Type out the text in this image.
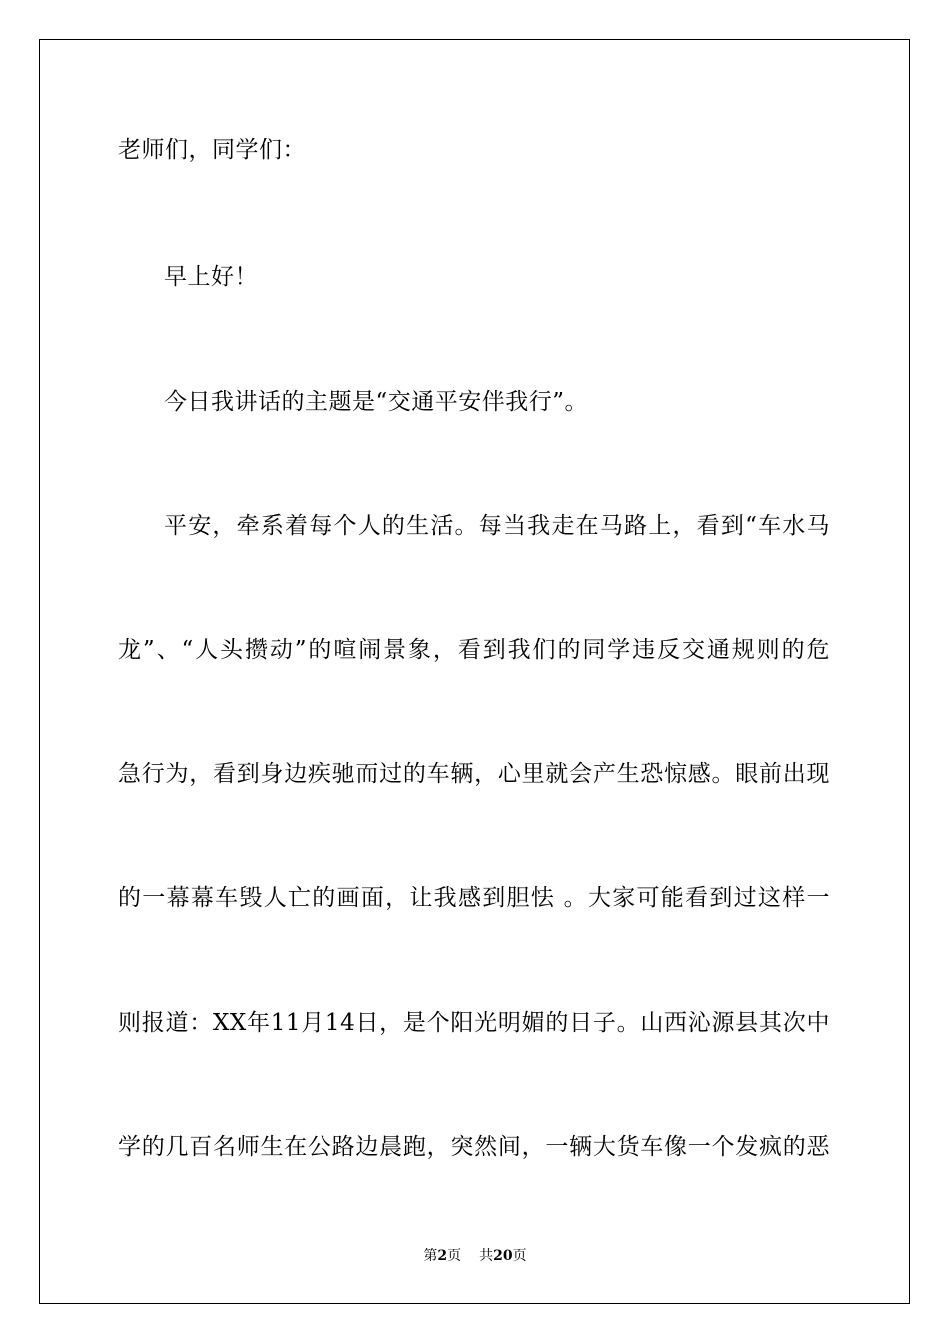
老师们，同学们：
早上好！
今日我讲话的主题是“交通平安伴我行”。
平安，牵系着每个人的生活。每当我走在马路上，看到“车水马
龙”、“人头攒动”的喧闹景象，看到我们的同学违反交通规则的危
急行为，看到身边疾驰而过的车辆，心里就会产生恐惊感。眼前出现
的一幕幕车毁人亡的画面，让我感到胆怯 。大家可能看到过这样一
则报道：XX年11月14日，是个阳光明媚的日子。山西沁源县其次中
学的几百名师生在公路边晨跑，突然间，一辆大货车像一个发疯的恶
第2页 共20页
